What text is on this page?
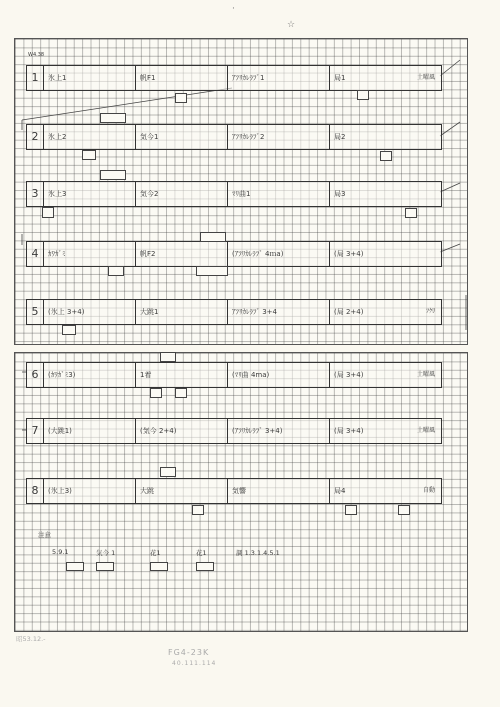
·
☆
W4.38
1	氷上1	帆F1	ｱﾌﾘｶﾚﾗﾌﾞ1	局1	土曜風
2	氷上2	気今1	ｱﾌﾘｶﾚﾗﾌﾞ2	局2
3	氷上3	気今2	ﾏﾘ曲1	局3
4	ｶﾜｶﾞﾐ	帆F2	(ｱﾌﾘｶﾚﾗﾌﾞ 4ｍa)	(局 3+4)
5	(氷上 3+4)	大跳1	ｱﾌﾘｶﾚﾗﾌﾞ 3+4	(局 2+4)	ﾌｸﾘ
6	(ｶﾜｶﾞﾐ3)	1着	(ﾏﾘ曲 4ma)	(局 3+4)	土曜風
7	(大跳1)	(気今 2+4)	(ｱﾌﾘｶﾚﾗﾌﾞ 3+4)	(局 3+4)	土曜風
8	(氷上3)	大跳	気響	局4	自動
注意
5.9.1	気今 1	花1	花1	調 1.3.1.4.5.1
昭53.12.-
FG4-23K
40.111.114
